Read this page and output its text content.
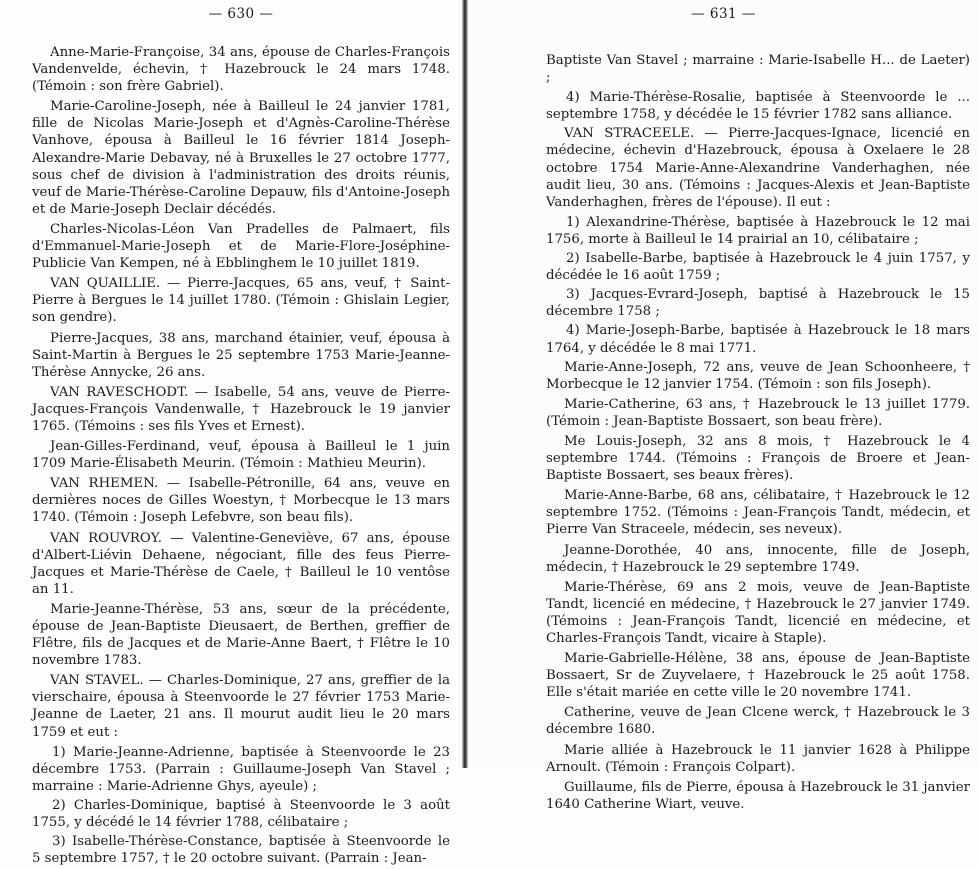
— 630 —

Anne-Marie-Françoise, 34 ans, épouse de Charles-François Vandenvelde, échevin, † Hazebrouck le 24 mars 1748. (Témoin : son frère Gabriel).

Marie-Caroline-Joseph, née à Bailleul le 24 janvier 1781, fille de Nicolas Marie-Joseph et d'Agnès-Caroline-Thérèse Vanhove, épousa à Bailleul le 16 février 1814 Joseph-Alexandre-Marie Debavay, né à Bruxelles le 27 octobre 1777, sous chef de division à l'administration des droits réunis, veuf de Marie-Thérèse-Caroline Depauw, fils d'Antoine-Joseph et de Marie-Joseph Declair décédés.

Charles-Nicolas-Léon Van Pradelles de Palmaert, fils d'Emmanuel-Marie-Joseph et de Marie-Flore-Joséphine-Publicie Van Kempen, né à Ebblinghem le 10 juillet 1819.

VAN QUAILLIE. — Pierre-Jacques, 65 ans, veuf, † Saint-Pierre à Bergues le 14 juillet 1780. (Témoin : Ghislain Legier, son gendre).

Pierre-Jacques, 38 ans, marchand étainier, veuf, épousa à Saint-Martin à Bergues le 25 septembre 1753 Marie-Jeanne-Thérèse Annycke, 26 ans.

VAN RAVESCHODT. — Isabelle, 54 ans, veuve de Pierre-Jacques-François Vandenwalle, † Hazebrouck le 19 janvier 1765. (Témoins : ses fils Yves et Ernest).

Jean-Gilles-Ferdinand, veuf, épousa à Bailleul le 1 juin 1709 Marie-Élisabeth Meurin. (Témoin : Mathieu Meurin).

VAN RHEMEN. — Isabelle-Pétronille, 64 ans, veuve en dernières noces de Gilles Woestyn, † Morbecque le 13 mars 1740. (Témoin : Joseph Lefebvre, son beau fils).

VAN ROUVROY. — Valentine-Geneviève, 67 ans, épouse d'Albert-Liévin Dehaene, négociant, fille des feus Pierre-Jacques et Marie-Thérèse de Caele, † Bailleul le 10 ventôse an 11.

Marie-Jeanne-Thérèse, 53 ans, sœur de la précédente, épouse de Jean-Baptiste Dieusaert, de Berthen, greffier de Flêtre, fils de Jacques et de Marie-Anne Baert, † Flêtre le 10 novembre 1783.

VAN STAVEL. — Charles-Dominique, 27 ans, greffier de la vierschaire, épousa à Steenvoorde le 27 février 1753 Marie-Jeanne de Laeter, 21 ans. Il mourut audit lieu le 20 mars 1759 et eut :

1) Marie-Jeanne-Adrienne, baptisée à Steenvoorde le 23 décembre 1753. (Parrain : Guillaume-Joseph Van Stavel ; marraine : Marie-Adrienne Ghys, ayeule) ;

2) Charles-Dominique, baptisé à Steenvoorde le 3 août 1755, y décédé le 14 février 1788, célibataire ;

3) Isabelle-Thérèse-Constance, baptisée à Steenvoorde le 5 septembre 1757, † le 20 octobre suivant. (Parrain : Jean-

— 631 —

Baptiste Van Stavel ; marraine : Marie-Isabelle H... de Laeter) ;

4) Marie-Thérèse-Rosalie, baptisée à Steenvoorde le ... septembre 1758, y décédée le 15 février 1782 sans alliance.

VAN STRACEELE. — Pierre-Jacques-Ignace, licencié en médecine, échevin d'Hazebrouck, épousa à Oxelaere le 28 octobre 1754 Marie-Anne-Alexandrine Vanderhaghen, née audit lieu, 30 ans. (Témoins : Jacques-Alexis et Jean-Baptiste Vanderhaghen, frères de l'épouse). Il eut :

1) Alexandrine-Thérèse, baptisée à Hazebrouck le 12 mai 1756, morte à Bailleul le 14 prairial an 10, célibataire ;

2) Isabelle-Barbe, baptisée à Hazebrouck le 4 juin 1757, y décédée le 16 août 1759 ;

3) Jacques-Evrard-Joseph, baptisé à Hazebrouck le 15 décembre 1758 ;

4) Marie-Joseph-Barbe, baptisée à Hazebrouck le 18 mars 1764, y décédée le 8 mai 1771.

Marie-Anne-Joseph, 72 ans, veuve de Jean Schoonheere, † Morbecque le 12 janvier 1754. (Témoin : son fils Joseph).

Marie-Catherine, 63 ans, † Hazebrouck le 13 juillet 1779. (Témoin : Jean-Baptiste Bossaert, son beau frère).

Me Louis-Joseph, 32 ans 8 mois, † Hazebrouck le 4 septembre 1744. (Témoins : François de Broere et Jean-Baptiste Bossaert, ses beaux frères).

Marie-Anne-Barbe, 68 ans, célibataire, † Hazebrouck le 12 septembre 1752. (Témoins : Jean-François Tandt, médecin, et Pierre Van Straceele, médecin, ses neveux).

Jeanne-Dorothée, 40 ans, innocente, fille de Joseph, médecin, † Hazebrouck le 29 septembre 1749.

Marie-Thérèse, 69 ans 2 mois, veuve de Jean-Baptiste Tandt, licencié en médecine, † Hazebrouck le 27 janvier 1749. (Témoins : Jean-François Tandt, licencié en médecine, et Charles-François Tandt, vicaire à Staple).

Marie-Gabrielle-Hélène, 38 ans, épouse de Jean-Baptiste Bossaert, Sr de Zuyvelaere, † Hazebrouck le 25 août 1758. Elle s'était mariée en cette ville le 20 novembre 1741.

Catherine, veuve de Jean Clcene werck, † Hazebrouck le 3 décembre 1680.

Marie alliée à Hazebrouck le 11 janvier 1628 à Philippe Arnoult. (Témoin : François Colpart).

Guillaume, fils de Pierre, épousa à Hazebrouck le 31 janvier 1640 Catherine Wiart, veuve.
